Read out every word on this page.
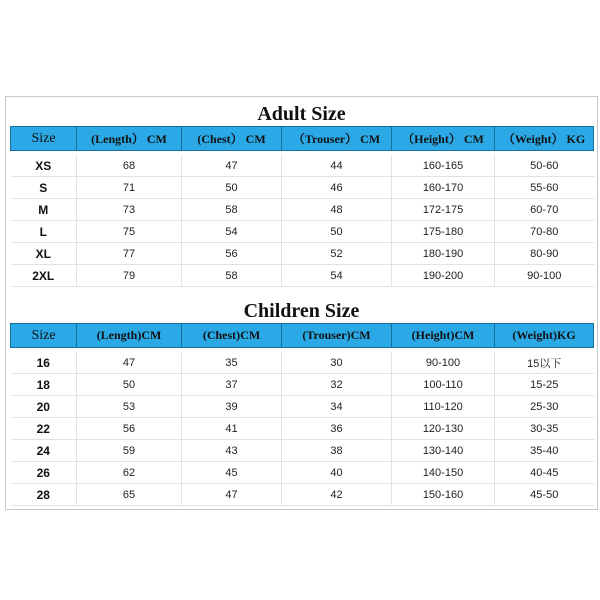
Adult Size
Size	(Length） CM	(Chest） CM	（Trouser） CM	（Height） CM	（Weight） KG

XS	68	47	44	160-165	50-60
S	71	50	46	160-170	55-60
M	73	58	48	172-175	60-70
L	75	54	50	175-180	70-80
XL	77	56	52	180-190	80-90
2XL	79	58	54	190-200	90-100
Children Size
Size	(Length)CM	(Chest)CM	(Trouser)CM	(Height)CM	(Weight)KG

16	47	35	30	90-100	15以下
18	50	37	32	100-110	15-25
20	53	39	34	110-120	25-30
22	56	41	36	120-130	30-35
24	59	43	38	130-140	35-40
26	62	45	40	140-150	40-45
28	65	47	42	150-160	45-50
